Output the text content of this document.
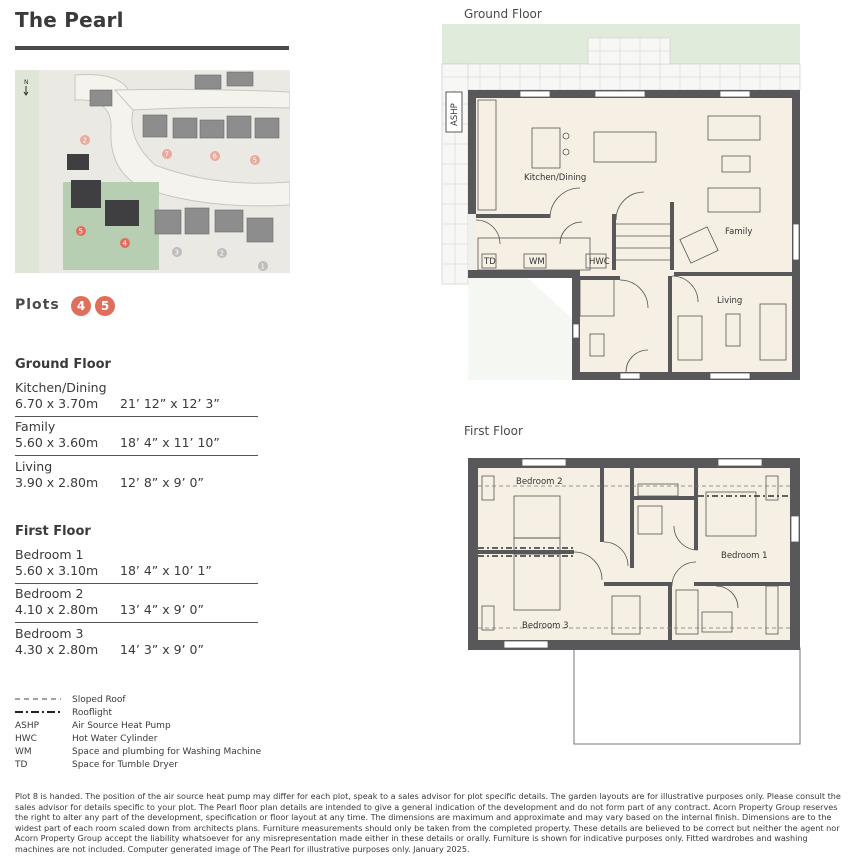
The Pearl
2
7	6	5
5
4
3	2
1
N
Plots	4	5
Ground Floor
Kitchen/Dining
6.70 x 3.70m	21’ 12” x 12’ 3”
Family
5.60 x 3.60m	18’ 4” x 11’ 10”
Living
3.90 x 2.80m	12’ 8” x 9’ 0”
First Floor
Bedroom 1
5.60 x 3.10m	18’ 4” x 10’ 1”
Bedroom 2
4.10 x 2.80m	13’ 4” x 9’ 0”
Bedroom 3
4.30 x 2.80m	14’ 3” x 9’ 0”
Sloped Roof
Rooflight
ASHP	Air Source Heat Pump
HWC	Hot Water Cylinder
WM	Space and plumbing for Washing Machine
TD	Space for Tumble Dryer
Plot 8 is handed. The position of the air source heat pump may differ for each plot, speak to a sales advisor for plot specific details. The garden layouts are for illustrative purposes only. Please consult the sales advisor for details specific to your plot. The Pearl floor plan details are intended to give a general indication of the development and do not form part of any contract. Acorn Property Group reserves the right to alter any part of the development, specification or floor layout at any time. The dimensions are maximum and approximate and may vary based on the internal finish. Dimensions are to the widest part of each room scaled down from architects plans. Furniture measurements should only be taken from the completed property. These details are believed to be correct but neither the agent nor Acorn Property Group accept the liability whatsoever for any misrepresentation made either in these details or orally. Furniture is shown for indicative purposes only. Fitted wardrobes and washing machines are not included. Computer generated image of The Pearl for illustrative purposes only. January 2025.
Ground Floor
ASHP
Kitchen/Dining
Family
Living
TD	WM	HWC
First Floor
Bedroom 2
Bedroom 1
Bedroom 3
